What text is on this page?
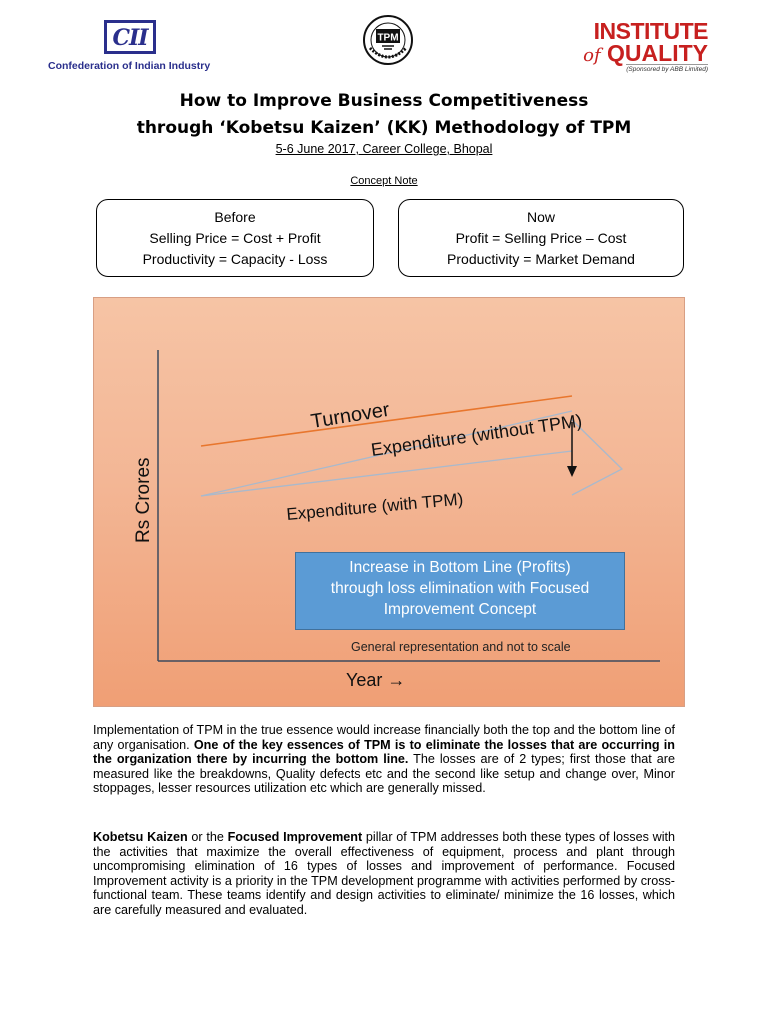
CII
Confederation of Indian Industry
TPM	INSTITUTE
of QUALITY
(Sponsored by ABB Limited)
How to Improve Business Competitiveness
through ‘Kobetsu Kaizen’ (KK) Methodology of TPM
5-6 June 2017, Career College, Bhopal
Concept Note
Before
Selling Price = Cost + Profit
Productivity = Capacity - Loss
Now
Profit = Selling Price – Cost
Productivity = Market Demand
Turnover
Expenditure (without TPM)
Expenditure (with TPM)
Rs Crores
Year →
Increase in Bottom Line (Profits)
through loss elimination with Focused
Improvement Concept
General representation and not to scale
Implementation of TPM in the true essence would increase financially both the top and the bottom line of any organisation. One of the key essences of TPM is to eliminate the losses that are occurring in the organization there by incurring the bottom line. The losses are of 2 types; first those that are measured like the breakdowns, Quality defects etc and the second like setup and change over, Minor stoppages, lesser resources utilization etc which are generally missed.
Kobetsu Kaizen or the Focused Improvement pillar of TPM addresses both these types of losses with the activities that maximize the overall effectiveness of equipment, process and plant through uncompromising elimination of 16 types of losses and improvement of performance. Focused Improvement activity is a priority in the TPM development programme with activities performed by cross-functional team. These teams identify and design activities to eliminate/ minimize the 16 losses, which are carefully measured and evaluated.
